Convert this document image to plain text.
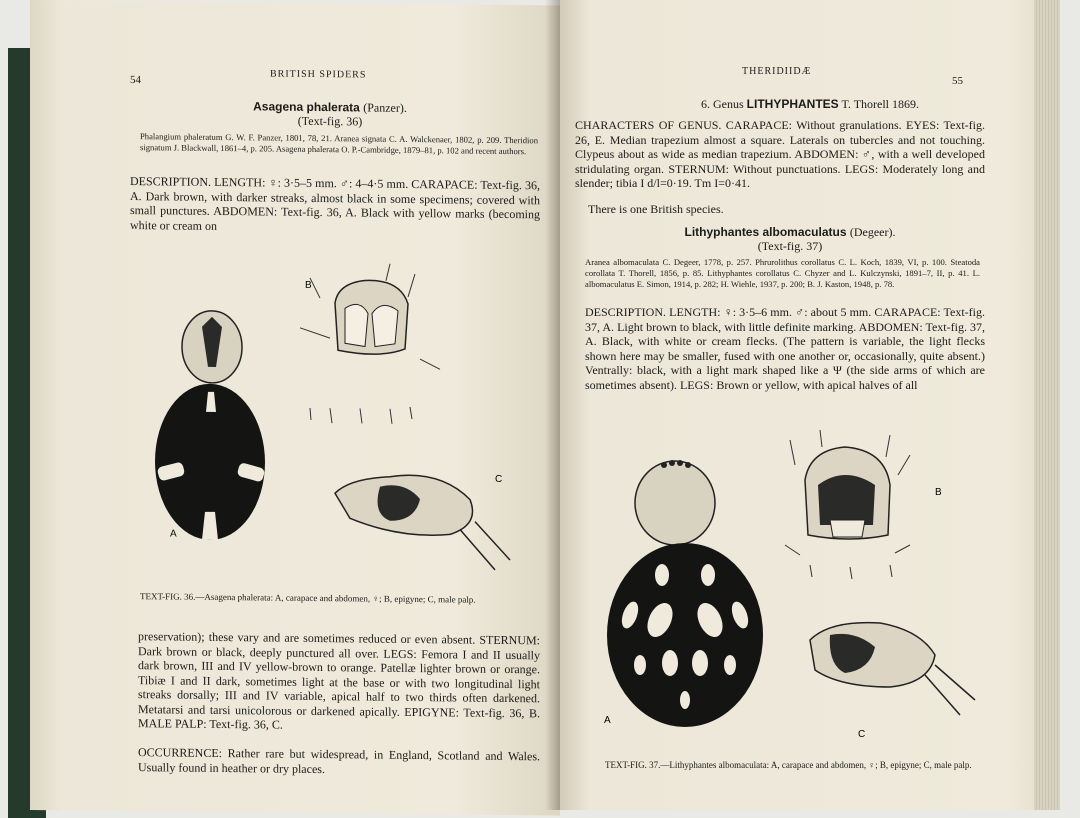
54	BRITISH SPIDERS
Asagena phalerata (Panzer).
(Text-fig. 36)
Phalangium phaleratum G. W. F. Panzer, 1801, 78, 21. Aranea signata C. A. Walckenaer, 1802, p. 209. Theridion signatum J. Blackwall, 1861–4, p. 205. Asagena phalerata O. P.-Cambridge, 1879–81, p. 102 and recent authors.
DESCRIPTION. LENGTH: ♀: 3·5–5 mm. ♂: 4–4·5 mm. CARAPACE: Text-fig. 36, A. Dark brown, with darker streaks, almost black in some specimens; covered with small punctures. ABDOMEN: Text-fig. 36, A. Black with yellow marks (becoming white or cream on
A
B
C
TEXT-FIG. 36.—Asagena phalerata: A, carapace and abdomen, ♀; B, epigyne; C, male palp.
preservation); these vary and are sometimes reduced or even absent. STERNUM: Dark brown or black, deeply punctured all over. LEGS: Femora I and II usually dark brown, III and IV yellow-brown to orange. Patellæ lighter brown or orange. Tibiæ I and II dark, sometimes light at the base or with two longitudinal light streaks dorsally; III and IV variable, apical half to two thirds often darkened. Metatarsi and tarsi unicolorous or darkened apically. EPIGYNE: Text-fig. 36, B. MALE PALP: Text-fig. 36, C.
OCCURRENCE: Rather rare but widespread, in England, Scotland and Wales. Usually found in heather or dry places.
THERIDIIDÆ
55
6. Genus LITHYPHANTES T. Thorell 1869.
CHARACTERS OF GENUS. CARAPACE: Without granulations. EYES: Text-fig. 26, E. Median trapezium almost a square. Laterals on tubercles and not touching. Clypeus about as wide as median trapezium. ABDOMEN: ♂, with a well developed stridulating organ. STERNUM: Without punctuations. LEGS: Moderately long and slender; tibia I d/l=0·19. Tm I=0·41.
There is one British species.
Lithyphantes albomaculatus (Degeer).
(Text-fig. 37)
Aranea albomaculata C. Degeer, 1778, p. 257. Phrurolithus corollatus C. L. Koch, 1839, VI, p. 100. Steatoda corollata T. Thorell, 1856, p. 85. Lithyphantes corollatus C. Chyzer and L. Kulczynski, 1891–7, II, p. 41. L. albomaculatus E. Simon, 1914, p. 282; H. Wiehle, 1937, p. 200; B. J. Kaston, 1948, p. 78.
DESCRIPTION. LENGTH: ♀: 3·5–6 mm. ♂: about 5 mm. CARAPACE: Text-fig. 37, A. Light brown to black, with little definite marking. ABDOMEN: Text-fig. 37, A. Black, with white or cream flecks. (The pattern is variable, the light flecks shown here may be smaller, fused with one another or, occasionally, quite absent.) Ventrally: black, with a light mark shaped like a Ψ (the side arms of which are sometimes absent). LEGS: Brown or yellow, with apical halves of all
A
B
C
TEXT-FIG. 37.—Lithyphantes albomaculata: A, carapace and abdomen, ♀; B, epigyne; C, male palp.
